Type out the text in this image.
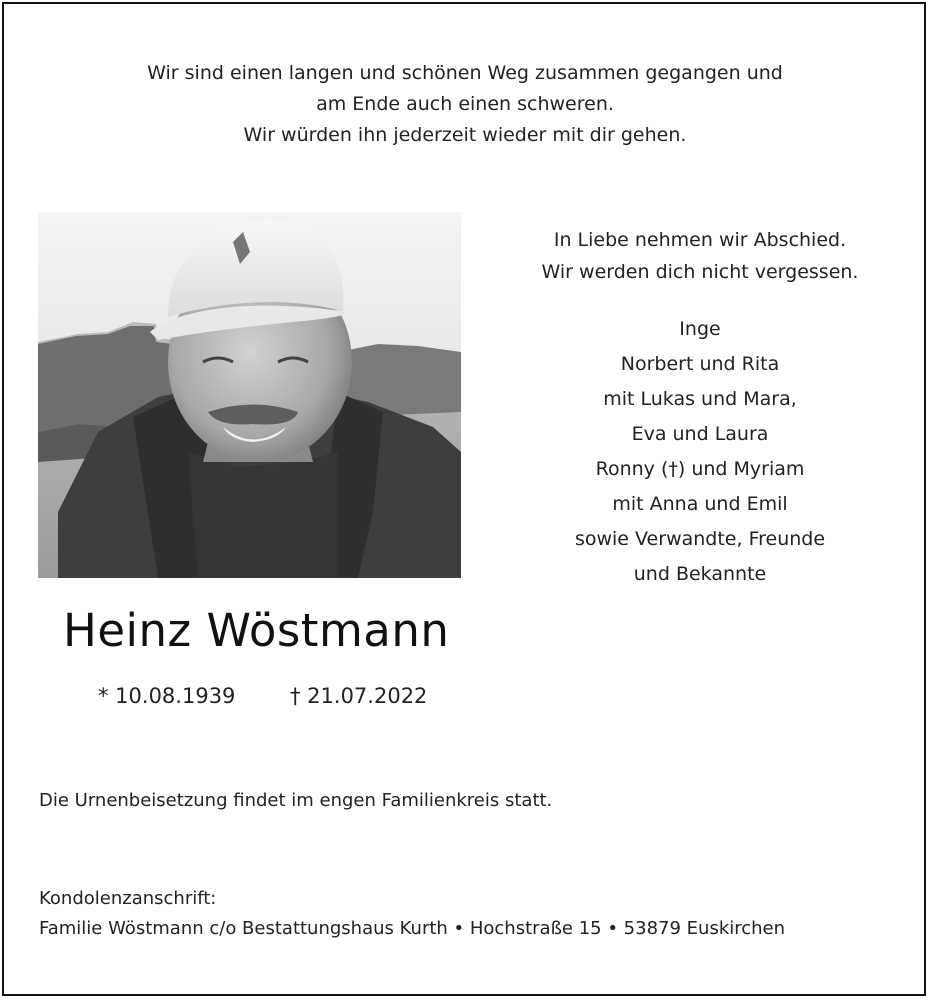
Wir sind einen langen und schönen Weg zusammen gegangen und
am Ende auch einen schweren.
Wir würden ihn jederzeit wieder mit dir gehen.
In Liebe nehmen wir Abschied.
Wir werden dich nicht vergessen.
Inge
Norbert und Rita
mit Lukas und Mara,
Eva und Laura
Ronny (†) und Myriam
mit Anna und Emil
sowie Verwandte, Freunde
und Bekannte
Heinz Wöstmann
* 10.08.1939	† 21.07.2022
Die Urnenbeisetzung findet im engen Familienkreis statt.
Kondolenzanschrift:
Familie Wöstmann c/o Bestattungshaus Kurth • Hochstraße 15 • 53879 Euskirchen
